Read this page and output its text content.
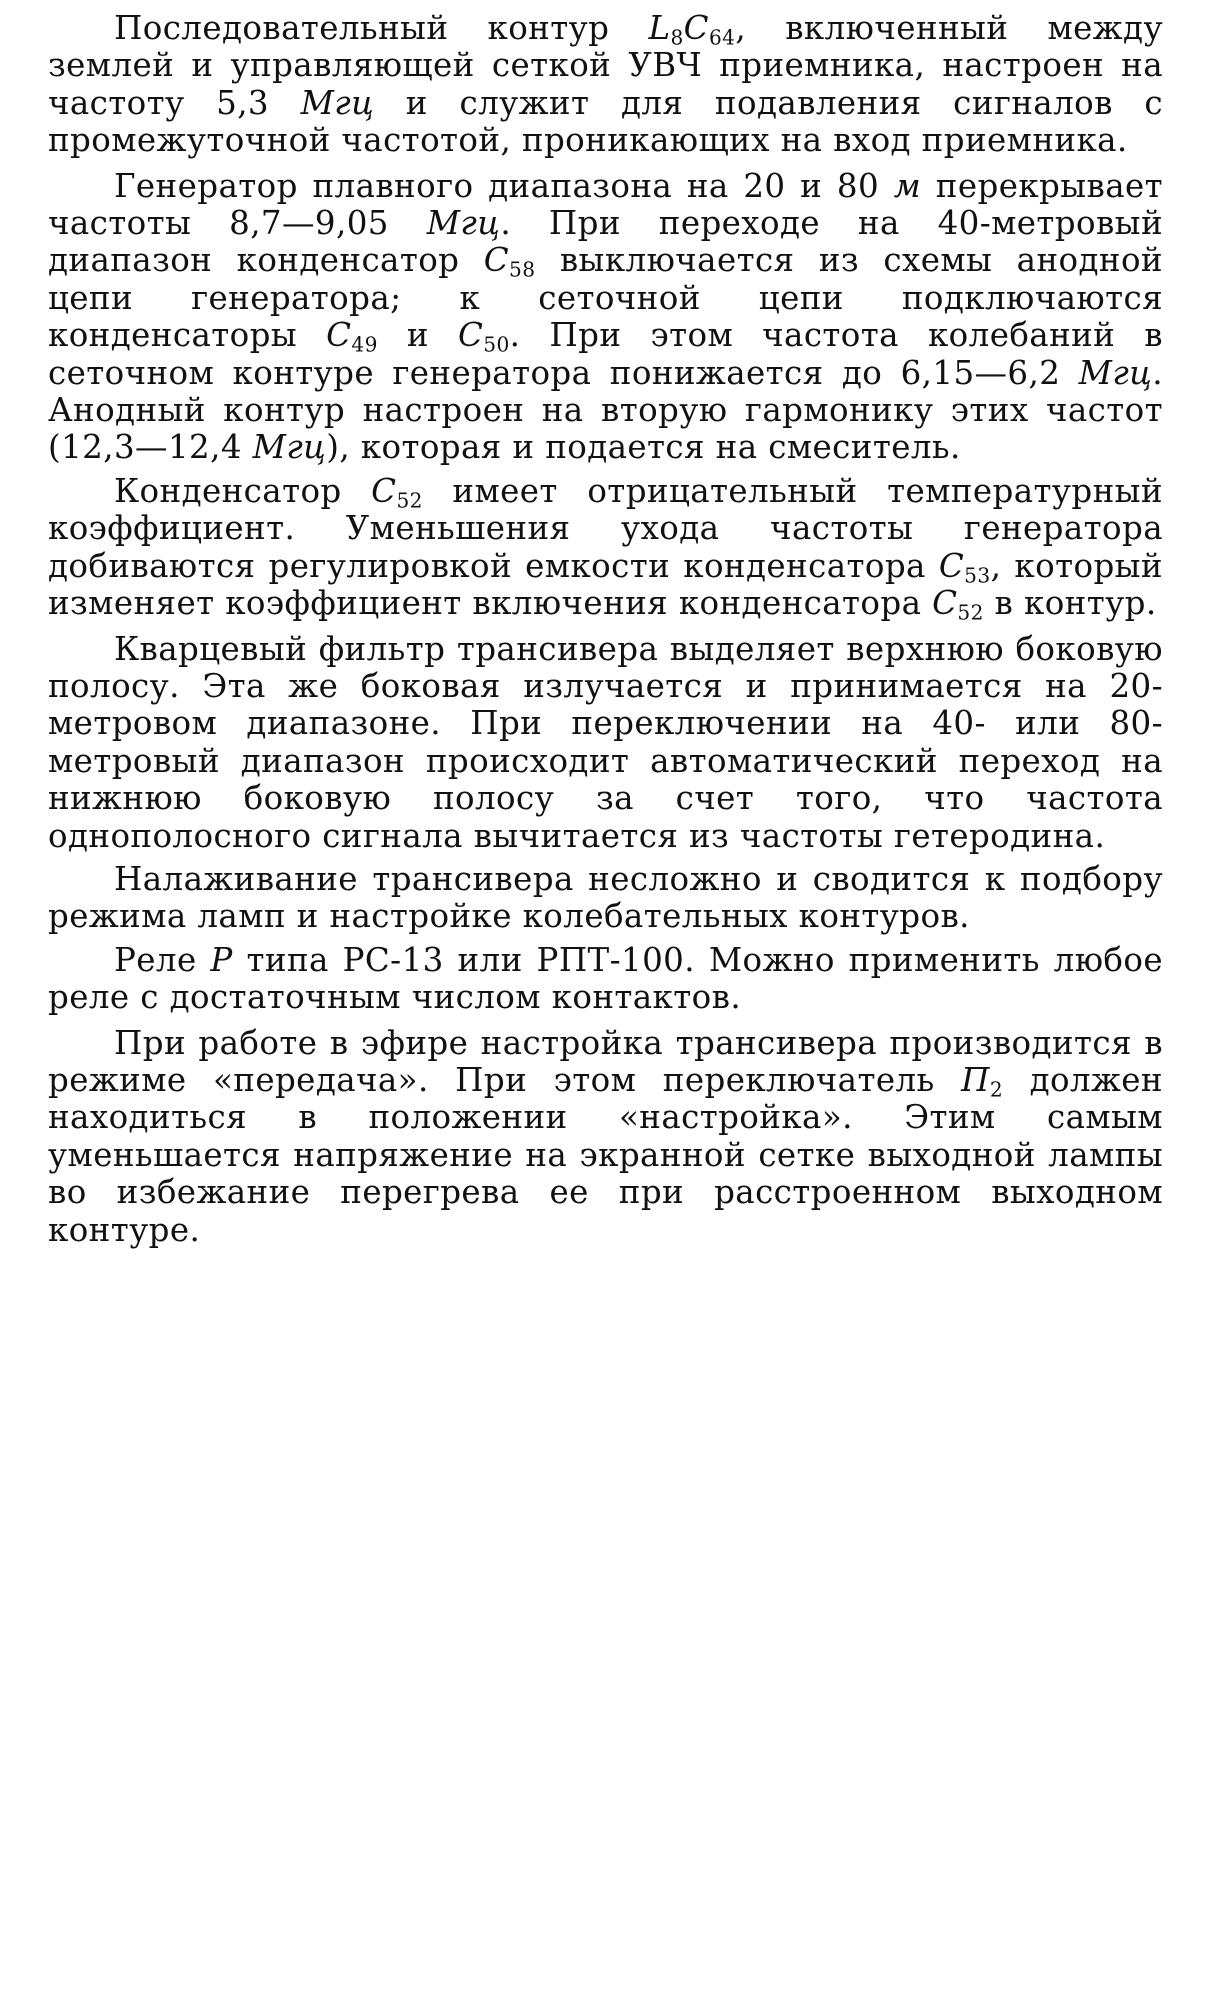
Последовательный контур $L_8C_{64}$, включенный между землей и управляющей сеткой УВЧ приемника, настроен на частоту 5,3 Мгц и служит для подавления сигналов с промежуточной частотой, проникающих на вход приемника.

Генератор плавного диапазона на 20 и 80 м перекрывает частоты 8,7—9,05 Мгц. При переходе на 40-метровый диапазон конденсатор $C_{58}$ выключается из схемы анодной цепи генератора; к сеточной цепи подключаются конденсаторы $C_{49}$ и $C_{50}$. При этом частота колебаний в сеточном контуре генератора понижается до 6,15—6,2 Мгц. Анодный контур настроен на вторую гармонику этих частот (12,3—12,4 Мгц), которая и подается на смеситель.

Конденсатор $C_{52}$ имеет отрицательный температурный коэффициент. Уменьшения ухода частоты генератора добиваются регулировкой емкости конденсатора $C_{53}$, который изменяет коэффициент включения конденсатора $C_{52}$ в контур.

Кварцевый фильтр трансивера выделяет верхнюю боковую полосу. Эта же боковая излучается и принимается на 20-метровом диапазоне. При переключении на 40- или 80-метровый диапазон происходит автоматический переход на нижнюю боковую полосу за счет того, что частота однополосного сигнала вычитается из частоты гетеродина.

Налаживание трансивера несложно и сводится к подбору режима ламп и настройке колебательных контуров.

Реле Р типа РС-13 или РПТ-100. Можно применить любое реле с достаточным числом контактов.

При работе в эфире настройка трансивера производится в режиме «передача». При этом переключатель $П_2$ должен находиться в положении «настройка». Этим самым уменьшается напряжение на экранной сетке выходной лампы во избежание перегрева ее при расстроенном выходном контуре.
